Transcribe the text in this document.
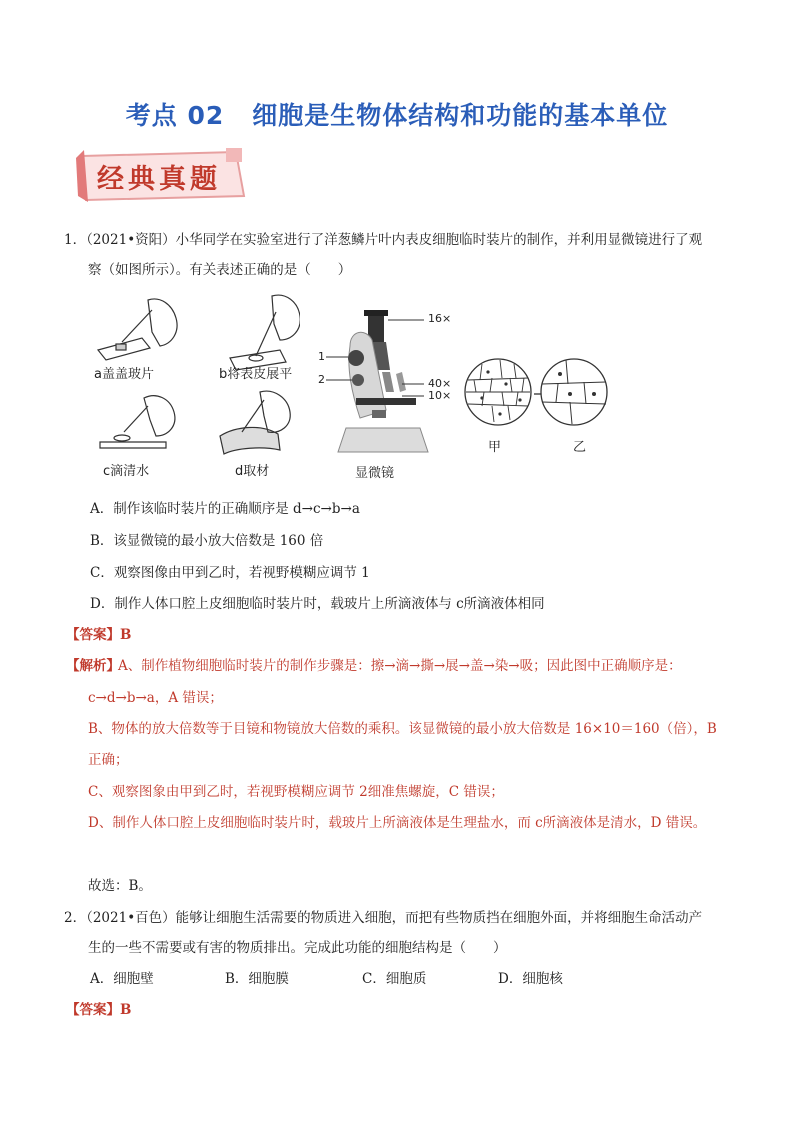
考点 02 细胞是生物体结构和功能的基本单位
经典真题
1．（2021•资阳）小华同学在实验室进行了洋葱鳞片叶内表皮细胞临时装片的制作，并利用显微镜进行了观
察（如图所示）。有关表述正确的是（　　）
a盖盖玻片	b将表皮展平
c滴清水	d取材
16×
1
2	40×
10×
显微镜
甲	乙
A．制作该临时装片的正确顺序是 d→c→b→a
B．该显微镜的最小放大倍数是 160 倍
C．观察图像由甲到乙时，若视野模糊应调节 1
D．制作人体口腔上皮细胞临时装片时，载玻片上所滴液体与 c所滴液体相同
【答案】B
【解析】
A、制作植物细胞临时装片的制作步骤是：擦→滴→撕→展→盖→染→吸；因此图中正确顺序是：
c→d→b→a，A 错误；
B、物体的放大倍数等于目镜和物镜放大倍数的乘积。该显微镜的最小放大倍数是 16×10＝160（倍），B
正确；
C、观察图象由甲到乙时，若视野模糊应调节 2细准焦螺旋，C 错误；
D、制作人体口腔上皮细胞临时装片时，载玻片上所滴液体是生理盐水，而 c所滴液体是清水，D 错误。
故选：B。
2．（2021•百色）能够让细胞生活需要的物质进入细胞，而把有些物质挡在细胞外面，并将细胞生命活动产
生的一些不需要或有害的物质排出。完成此功能的细胞结构是（　　）
A．细胞壁	B．细胞膜	C．细胞质	D．细胞核
【答案】B
